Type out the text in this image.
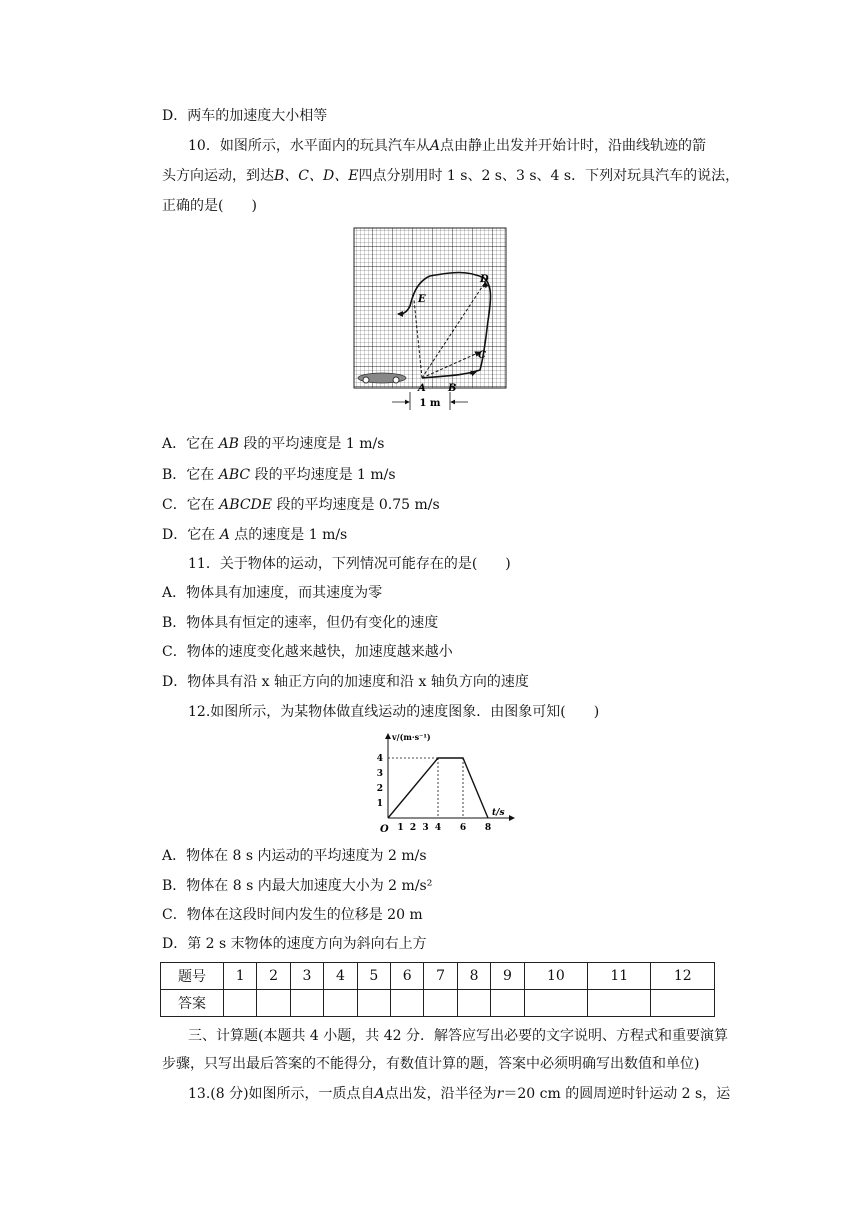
D．两车的加速度大小相等
10．如图所示，水平面内的玩具汽车从A点由静止出发并开始计时，沿曲线轨迹的箭
头方向运动，到达B、C、D、E四点分别用时 1 s、2 s、3 s、4 s．下列对玩具汽车的说法，
正确的是(　　)
D
E
C
A B
1 m
A．它在 AB 段的平均速度是 1 m/s
B．它在 ABC 段的平均速度是 1 m/s
C．它在 ABCDE 段的平均速度是 0.75 m/s
D．它在 A 点的速度是 1 m/s
11．关于物体的运动，下列情况可能存在的是(　　)
A．物体具有加速度，而其速度为零
B．物体具有恒定的速率，但仍有变化的速度
C．物体的速度变化越来越快，加速度越来越小
D．物体具有沿 x 轴正方向的加速度和沿 x 轴负方向的速度
12.如图所示，为某物体做直线运动的速度图象．由图象可知(　　)
1 2 3 4 6 8
1
2
3
4
O
t/s
v/(m·s⁻¹)
A．物体在 8 s 内运动的平均速度为 2 m/s
B．物体在 8 s 内最大加速度大小为 2 m/s²
C．物体在这段时间内发生的位移是 20 m
D．第 2 s 末物体的速度方向为斜向右上方
题号	1	2	3	4	5	6	7	8	9	10	11	12
答案												
三、计算题(本题共 4 小题，共 42 分．解答应写出必要的文字说明、方程式和重要演算
步骤，只写出最后答案的不能得分，有数值计算的题，答案中必须明确写出数值和单位)
13.(8 分)如图所示，一质点自A点出发，沿半径为r＝20 cm 的圆周逆时针运动 2 s，运
